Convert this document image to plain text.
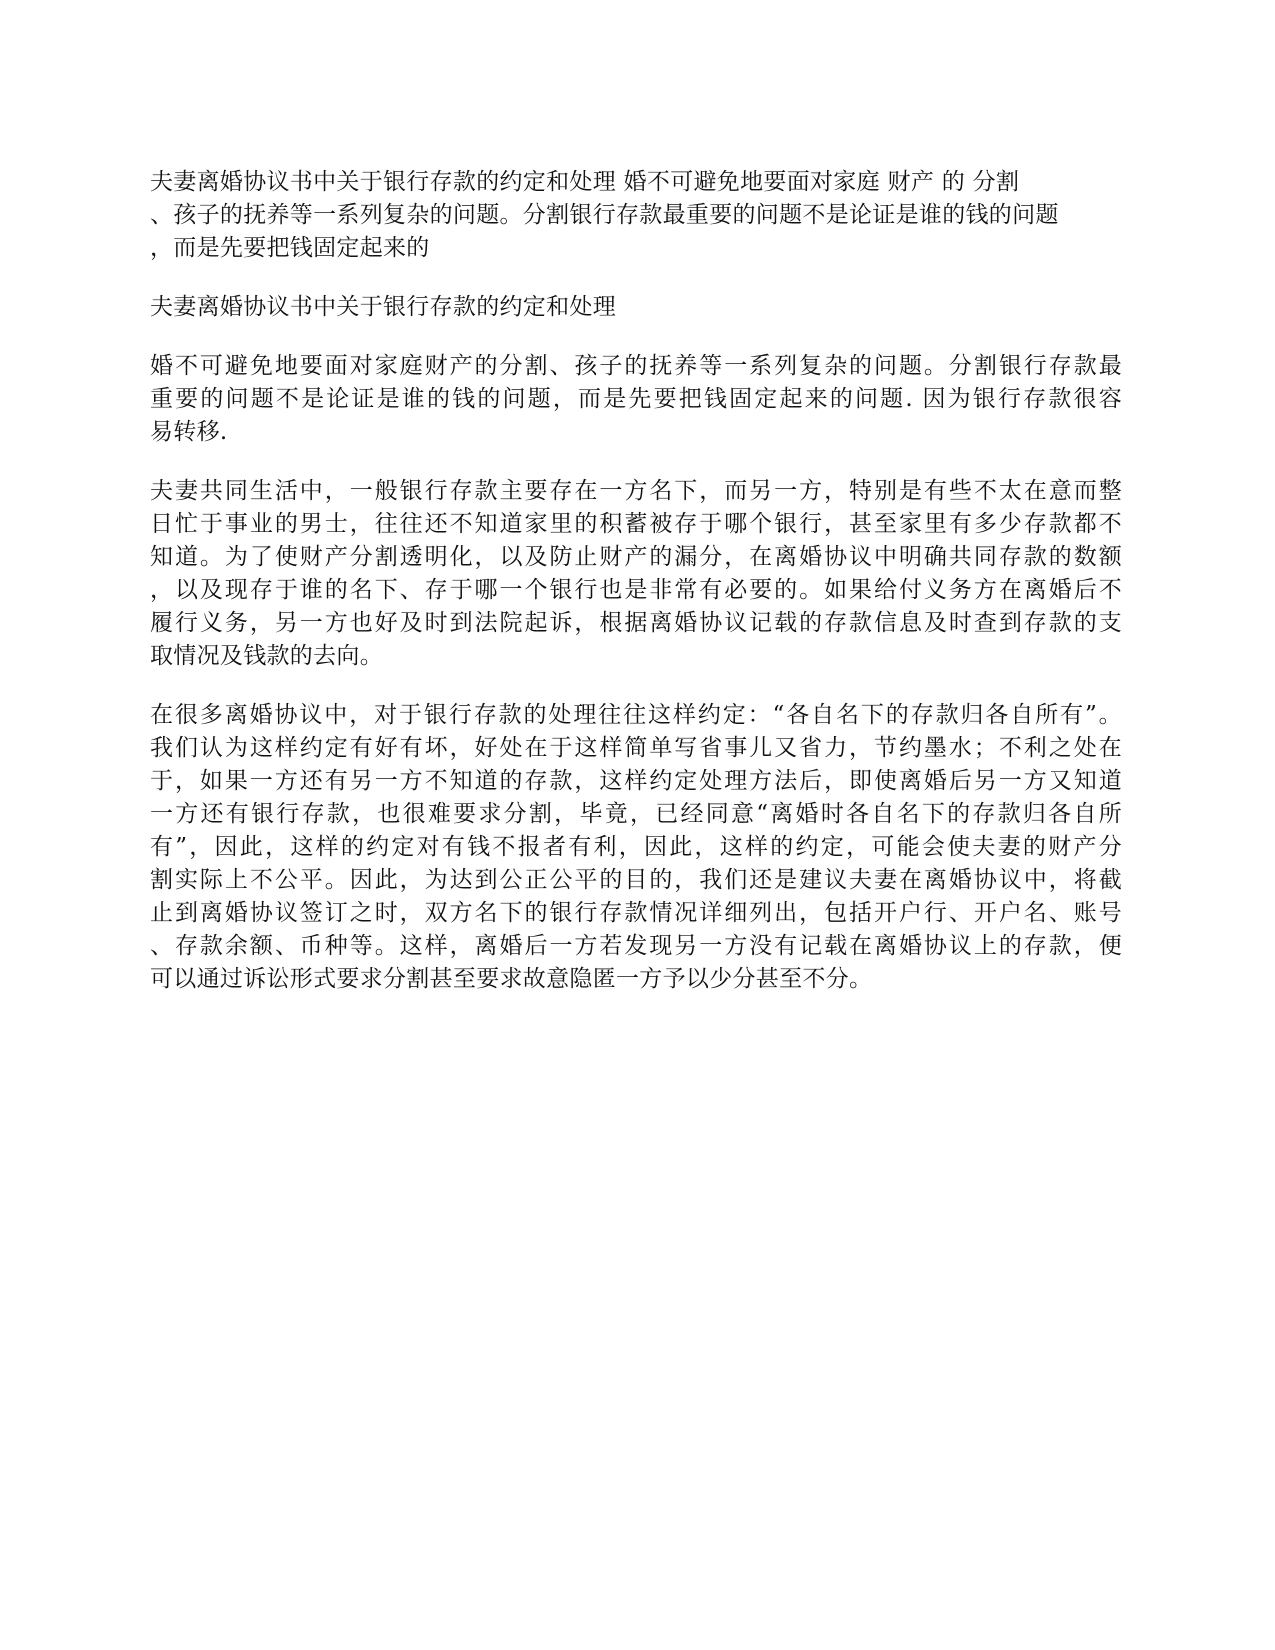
夫妻离婚协议书中关于银行存款的约定和处理 婚不可避免地要面对家庭 财产 的 分割
、孩子的抚养等一系列复杂的问题。分割银行存款最重要的问题不是论证是谁的钱的问题
，而是先要把钱固定起来的

夫妻离婚协议书中关于银行存款的约定和处理

婚不可避免地要面对家庭财产的分割、孩子的抚养等一系列复杂的问题。分割银行存款最
重要的问题不是论证是谁的钱的问题，而是先要把钱固定起来的问题. 因为银行存款很容
易转移.

夫妻共同生活中，一般银行存款主要存在一方名下，而另一方，特别是有些不太在意而整
日忙于事业的男士，往往还不知道家里的积蓄被存于哪个银行，甚至家里有多少存款都不
知道。为了使财产分割透明化，以及防止财产的漏分，在离婚协议中明确共同存款的数额
，以及现存于谁的名下、存于哪一个银行也是非常有必要的。如果给付义务方在离婚后不
履行义务，另一方也好及时到法院起诉，根据离婚协议记载的存款信息及时查到存款的支
取情况及钱款的去向。

在很多离婚协议中，对于银行存款的处理往往这样约定：“各自名下的存款归各自所有”。
我们认为这样约定有好有坏，好处在于这样简单写省事儿又省力，节约墨水；不利之处在
于，如果一方还有另一方不知道的存款，这样约定处理方法后，即使离婚后另一方又知道
一方还有银行存款，也很难要求分割，毕竟，已经同意“离婚时各自名下的存款归各自所
有”，因此，这样的约定对有钱不报者有利，因此，这样的约定，可能会使夫妻的财产分
割实际上不公平。因此，为达到公正公平的目的，我们还是建议夫妻在离婚协议中，将截
止到离婚协议签订之时，双方名下的银行存款情况详细列出，包括开户行、开户名、账号
、存款余额、币种等。这样，离婚后一方若发现另一方没有记载在离婚协议上的存款，便
可以通过诉讼形式要求分割甚至要求故意隐匿一方予以少分甚至不分。
